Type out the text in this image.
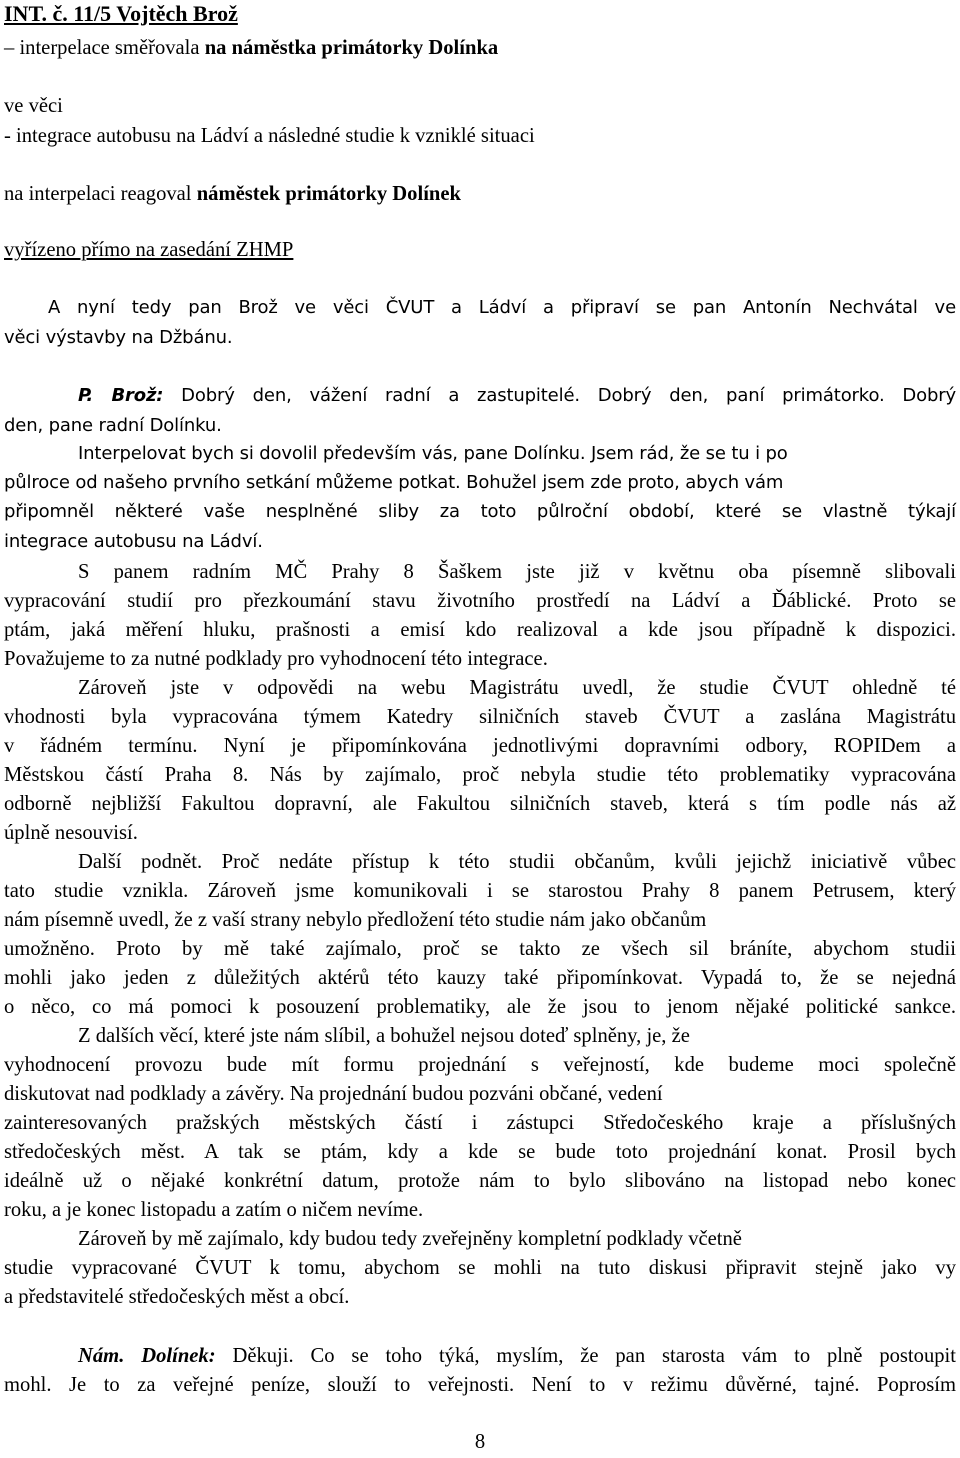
INT. č. 11/5 Vojtěch Brož
– interpelace směřovala na náměstka primátorky Dolínka
ve věci
- integrace autobusu na Ládví a následné studie k vzniklé situaci
na interpelaci reagoval náměstek primátorky Dolínek
vyřízeno přímo na zasedání ZHMP
A nyní tedy pan Brož ve věci ČVUT a Ládví a připraví se pan Antonín Nechvátal ve
věci výstavby na Džbánu.
P. Brož: Dobrý den, vážení radní a zastupitelé. Dobrý den, paní primátorko. Dobrý
den, pane radní Dolínku.
Interpelovat bych si dovolil především vás, pane Dolínku. Jsem rád, že se tu i po
půlroce od našeho prvního setkání můžeme potkat. Bohužel jsem zde proto, abych vám
připomněl některé vaše nesplněné sliby za toto půlroční období, které se vlastně týkají
integrace autobusu na Ládví.
S panem radním MČ Prahy 8 Šaškem jste již v květnu oba písemně slibovali
vypracování studií pro přezkoumání stavu životního prostředí na Ládví a Ďáblické. Proto se
ptám, jaká měření hluku, prašnosti a emisí kdo realizoval a kde jsou případně k dispozici.
Považujeme to za nutné podklady pro vyhodnocení této integrace.
Zároveň jste v odpovědi na webu Magistrátu uvedl, že studie ČVUT ohledně té
vhodnosti byla vypracována týmem Katedry silničních staveb ČVUT a zaslána Magistrátu
v řádném termínu. Nyní je připomínkována jednotlivými dopravními odbory, ROPIDem a
Městskou částí Praha 8. Nás by zajímalo, proč nebyla studie této problematiky vypracována
odborně nejbližší Fakultou dopravní, ale Fakultou silničních staveb, která s tím podle nás až
úplně nesouvisí.
Další podnět. Proč nedáte přístup k této studii občanům, kvůli jejichž iniciativě vůbec
tato studie vznikla. Zároveň jsme komunikovali i se starostou Prahy 8 panem Petrusem, který
nám písemně uvedl, že z vaší strany nebylo předložení této studie nám jako občanům
umožněno. Proto by mě také zajímalo, proč se takto ze všech sil bráníte, abychom studii
mohli jako jeden z důležitých aktérů této kauzy také připomínkovat. Vypadá to, že se nejedná
o něco, co má pomoci k posouzení problematiky, ale že jsou to jenom nějaké politické sankce.
Z dalších věcí, které jste nám slíbil, a bohužel nejsou doteď splněny, je, že
vyhodnocení provozu bude mít formu projednání s veřejností, kde budeme moci společně
diskutovat nad podklady a závěry. Na projednání budou pozváni občané, vedení
zainteresovaných pražských městských částí i zástupci Středočeského kraje a příslušných
středočeských měst. A tak se ptám, kdy a kde se bude toto projednání konat. Prosil bych
ideálně už o nějaké konkrétní datum, protože nám to bylo slibováno na listopad nebo konec
roku, a je konec listopadu a zatím o ničem nevíme.
Zároveň by mě zajímalo, kdy budou tedy zveřejněny kompletní podklady včetně
studie vypracované ČVUT k tomu, abychom se mohli na tuto diskusi připravit stejně jako vy
a představitelé středočeských měst a obcí.
Nám. Dolínek: Děkuji. Co se toho týká, myslím, že pan starosta vám to plně postoupit
mohl. Je to za veřejné peníze, slouží to veřejnosti. Není to v režimu důvěrné, tajné. Poprosím
8
